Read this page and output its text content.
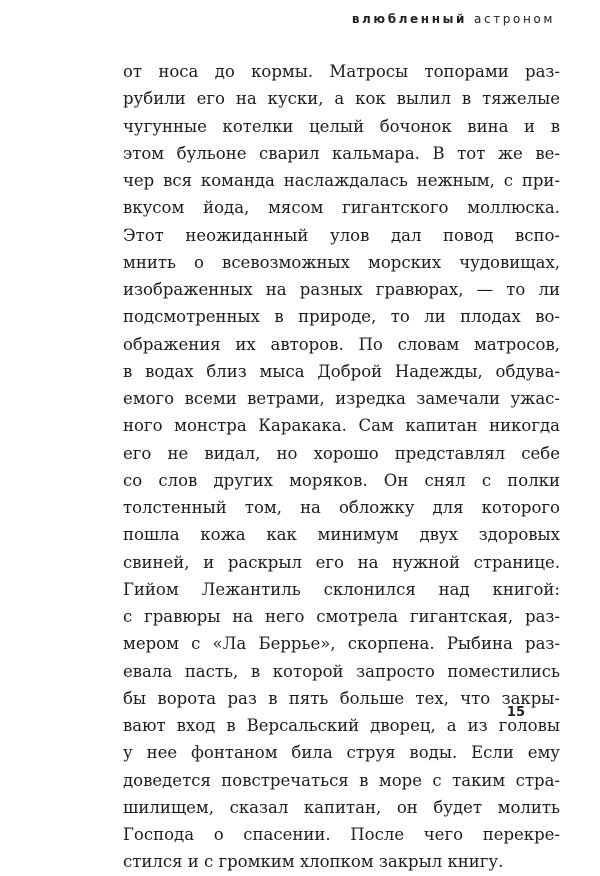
влюбленный астроном
от носа до кормы. Матросы топорами раз-
рубили его на куски, а кок вылил в тяжелые
чугунные котелки целый бочонок вина и в
этом бульоне сварил кальмара. В тот же ве-
чер вся команда наслаждалась нежным, с при-
вкусом йода, мясом гигантского моллюска.
Этот неожиданный улов дал повод вспо-
мнить о всевозможных морских чудовищах,
изображенных на разных гравюрах, — то ли
подсмотренных в природе, то ли плодах во-
ображения их авторов. По словам матросов,
в водах близ мыса Доброй Надежды, обдува-
емого всеми ветрами, изредка замечали ужас-
ного монстра Каракака. Сам капитан никогда
его не видал, но хорошо представлял себе
со слов других моряков. Он снял с полки
толстенный том, на обложку для которого
пошла кожа как минимум двух здоровых
свиней, и раскрыл его на нужной странице.
Гийом Лежантиль склонился над книгой:
с гравюры на него смотрела гигантская, раз-
мером с «Ла Беррье», скорпена. Рыбина раз-
евала пасть, в которой запросто поместились
бы ворота раз в пять больше тех, что закры-
вают вход в Версальский дворец, а из головы
у нее фонтаном била струя воды. Если ему
доведется повстречаться в море с таким стра-
шилищем, сказал капитан, он будет молить
Господа о спасении. После чего перекре-
стился и с громким хлопком закрыл книгу.
15
